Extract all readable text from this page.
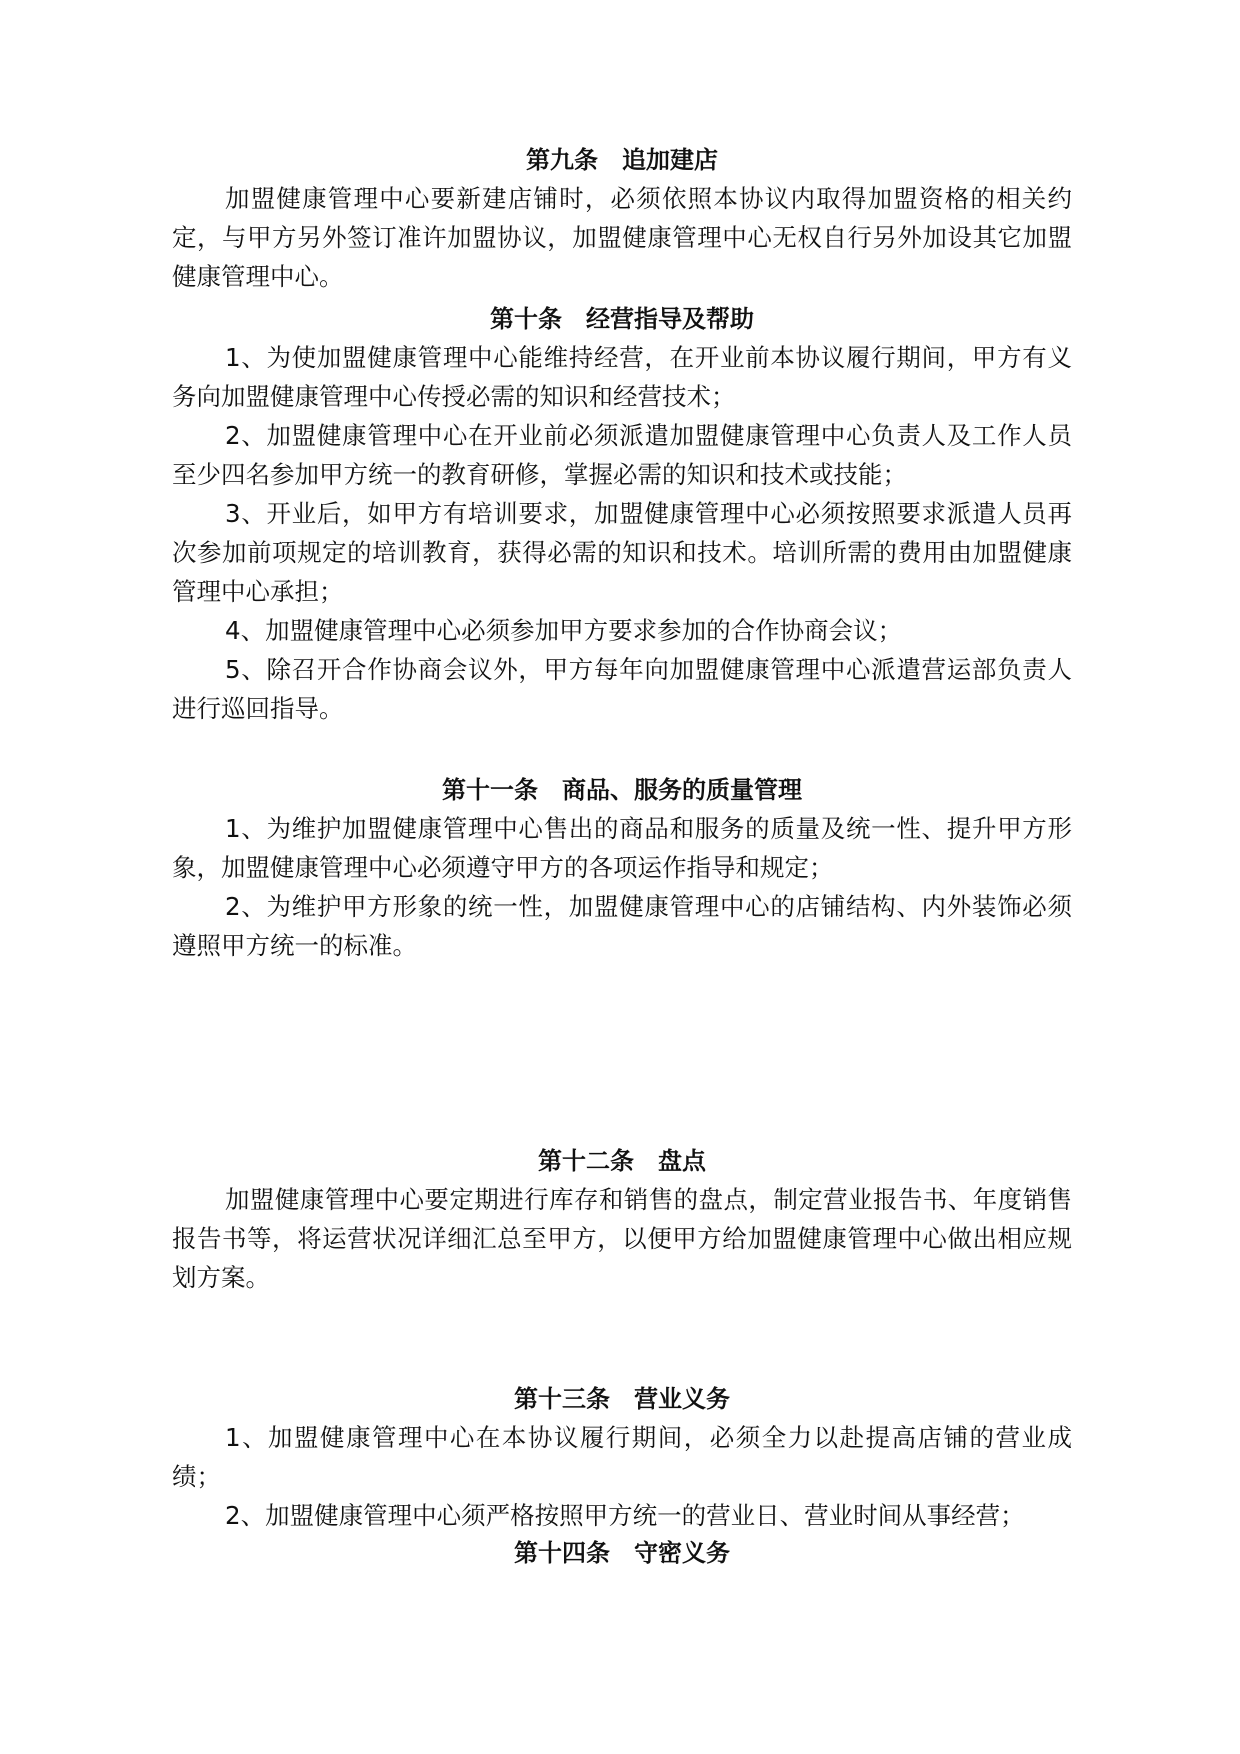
第九条　追加建店
加盟健康管理中心要新建店铺时，必须依照本协议内取得加盟资格的相关约定，与甲方另外签订准许加盟协议，加盟健康管理中心无权自行另外加设其它加盟健康管理中心。
第十条　经营指导及帮助
1、为使加盟健康管理中心能维持经营，在开业前本协议履行期间，甲方有义务向加盟健康管理中心传授必需的知识和经营技术；
2、加盟健康管理中心在开业前必须派遣加盟健康管理中心负责人及工作人员至少四名参加甲方统一的教育研修，掌握必需的知识和技术或技能；
3、开业后，如甲方有培训要求，加盟健康管理中心必须按照要求派遣人员再次参加前项规定的培训教育，获得必需的知识和技术。培训所需的费用由加盟健康管理中心承担；
4、加盟健康管理中心必须参加甲方要求参加的合作协商会议；
5、除召开合作协商会议外，甲方每年向加盟健康管理中心派遣营运部负责人进行巡回指导。
第十一条　商品、服务的质量管理
1、为维护加盟健康管理中心售出的商品和服务的质量及统一性、提升甲方形象，加盟健康管理中心必须遵守甲方的各项运作指导和规定；
2、为维护甲方形象的统一性，加盟健康管理中心的店铺结构、内外装饰必须遵照甲方统一的标准。
第十二条　盘点
加盟健康管理中心要定期进行库存和销售的盘点，制定营业报告书、年度销售报告书等，将运营状况详细汇总至甲方，以便甲方给加盟健康管理中心做出相应规划方案。
第十三条　营业义务
1、加盟健康管理中心在本协议履行期间，必须全力以赴提高店铺的营业成绩；
2、加盟健康管理中心须严格按照甲方统一的营业日、营业时间从事经营；
第十四条　守密义务
